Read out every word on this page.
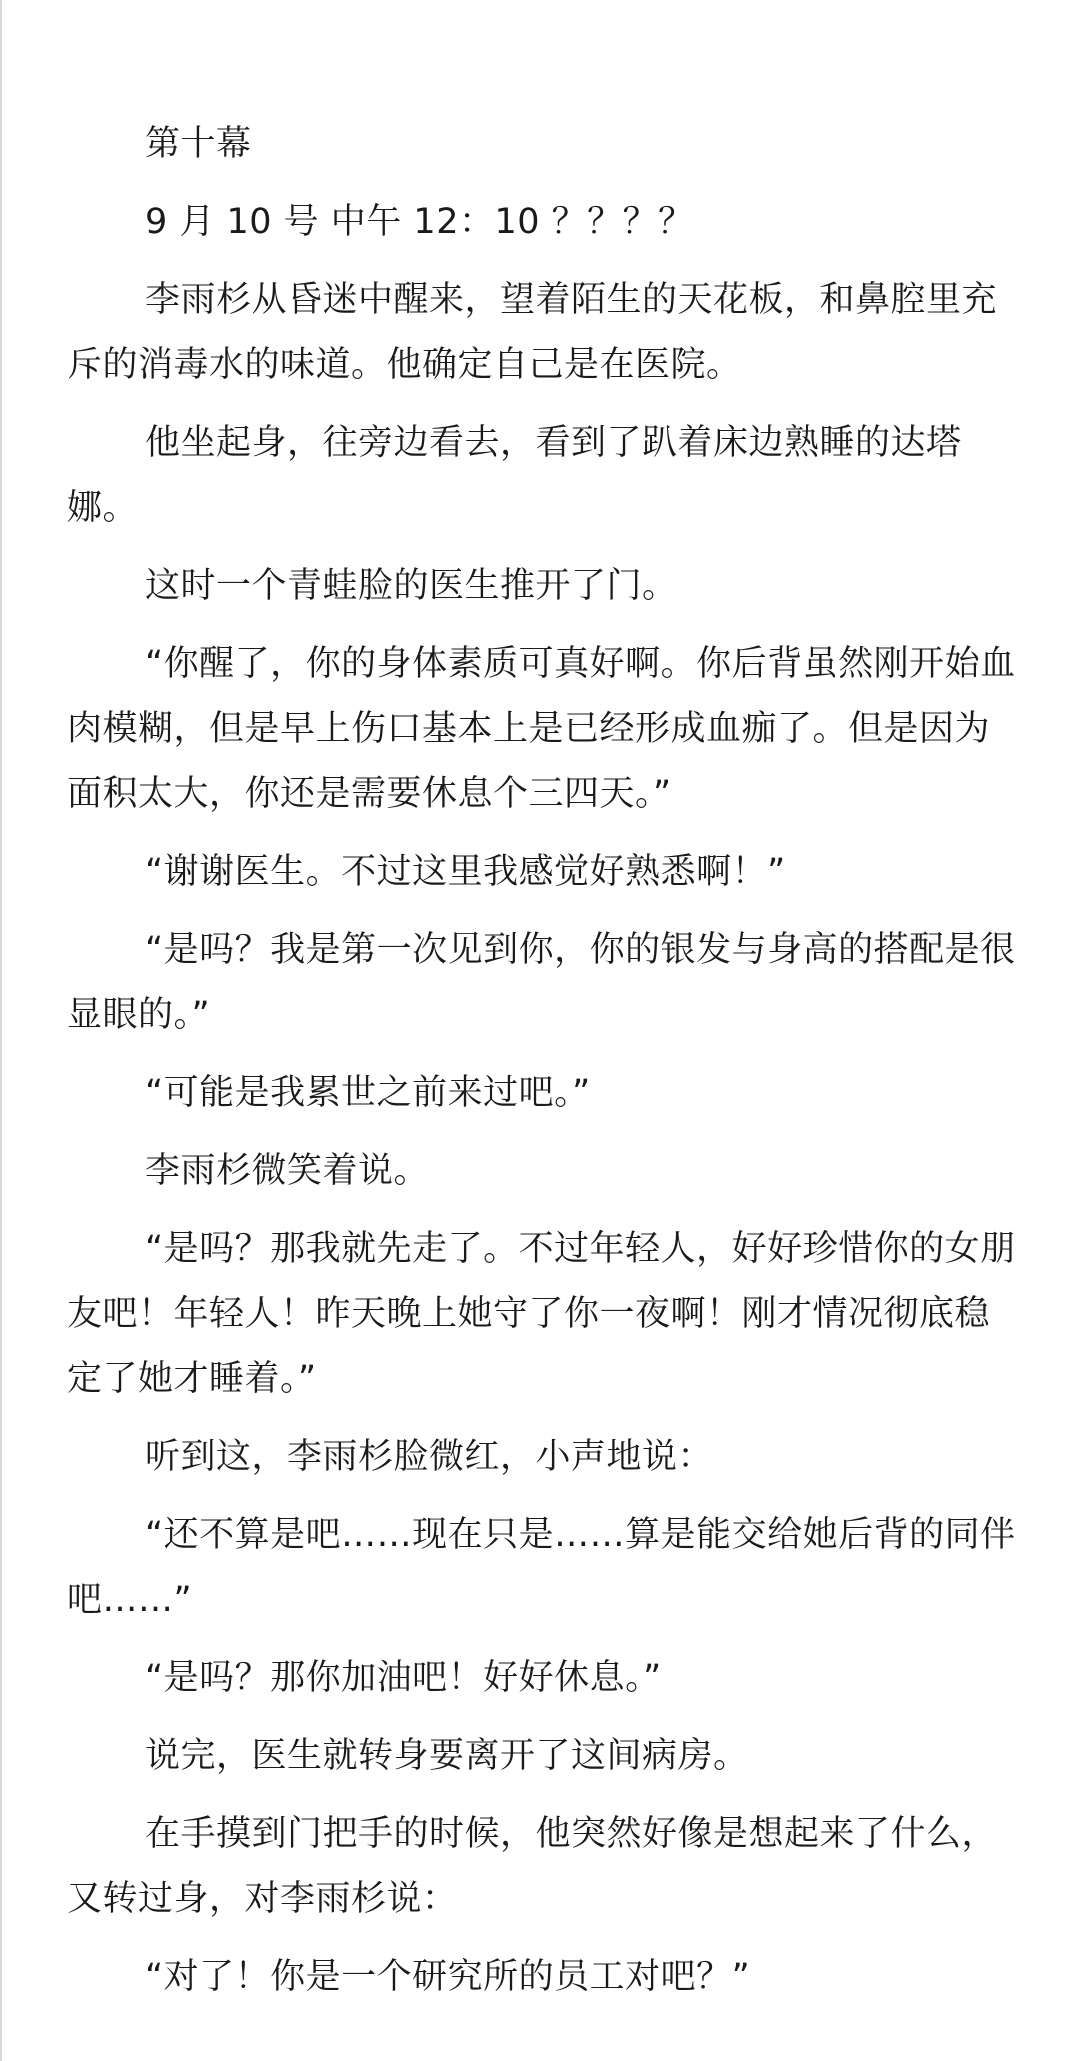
第十幕

9 月 10 号 中午 12：10 ？？？？

李雨杉从昏迷中醒来，望着陌生的天花板，和鼻腔里充斥的消毒水的味道。他确定自己是在医院。

他坐起身，往旁边看去，看到了趴着床边熟睡的达塔娜。

这时一个青蛙脸的医生推开了门。

“你醒了，你的身体素质可真好啊。你后背虽然刚开始血肉模糊，但是早上伤口基本上是已经形成血痂了。但是因为面积太大，你还是需要休息个三四天。”

“谢谢医生。不过这里我感觉好熟悉啊！”

“是吗？我是第一次见到你，你的银发与身高的搭配是很显眼的。”

“可能是我累世之前来过吧。”

李雨杉微笑着说。

“是吗？那我就先走了。不过年轻人，好好珍惜你的女朋友吧！年轻人！昨天晚上她守了你一夜啊！刚才情况彻底稳定了她才睡着。”

听到这，李雨杉脸微红，小声地说：

“还不算是吧……现在只是……算是能交给她后背的同伴吧……”

“是吗？那你加油吧！好好休息。”

说完，医生就转身要离开了这间病房。

在手摸到门把手的时候，他突然好像是想起来了什么，又转过身，对李雨杉说：

“对了！你是一个研究所的员工对吧？”
